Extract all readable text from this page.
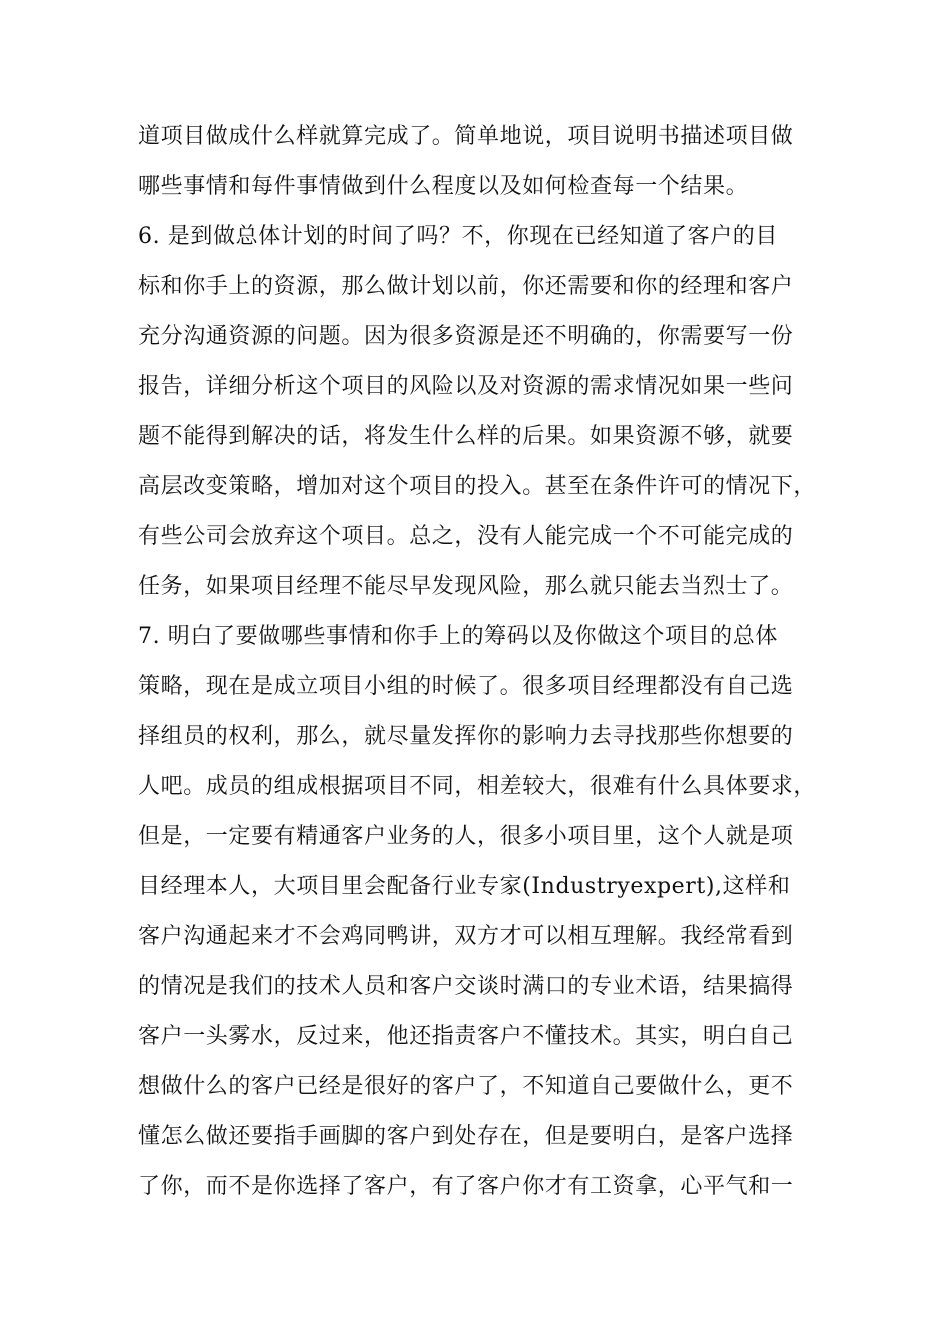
道项目做成什么样就算完成了。简单地说，项目说明书描述项目做
哪些事情和每件事情做到什么程度以及如何检查每一个结果。
6. 是到做总体计划的时间了吗？不，你现在已经知道了客户的目
标和你手上的资源，那么做计划以前，你还需要和你的经理和客户
充分沟通资源的问题。因为很多资源是还不明确的，你需要写一份
报告，详细分析这个项目的风险以及对资源的需求情况如果一些问
题不能得到解决的话，将发生什么样的后果。如果资源不够，就要
高层改变策略，增加对这个项目的投入。甚至在条件许可的情况下，
有些公司会放弃这个项目。总之，没有人能完成一个不可能完成的
任务，如果项目经理不能尽早发现风险，那么就只能去当烈士了。
7. 明白了要做哪些事情和你手上的筹码以及你做这个项目的总体
策略，现在是成立项目小组的时候了。很多项目经理都没有自己选
择组员的权利，那么，就尽量发挥你的影响力去寻找那些你想要的
人吧。成员的组成根据项目不同，相差较大，很难有什么具体要求，
但是，一定要有精通客户业务的人，很多小项目里，这个人就是项
目经理本人，大项目里会配备行业专家(Industryexpert),这样和
客户沟通起来才不会鸡同鸭讲，双方才可以相互理解。我经常看到
的情况是我们的技术人员和客户交谈时满口的专业术语，结果搞得
客户一头雾水，反过来，他还指责客户不懂技术。其实，明白自己
想做什么的客户已经是很好的客户了，不知道自己要做什么，更不
懂怎么做还要指手画脚的客户到处存在，但是要明白，是客户选择
了你，而不是你选择了客户，有了客户你才有工资拿，心平气和一
